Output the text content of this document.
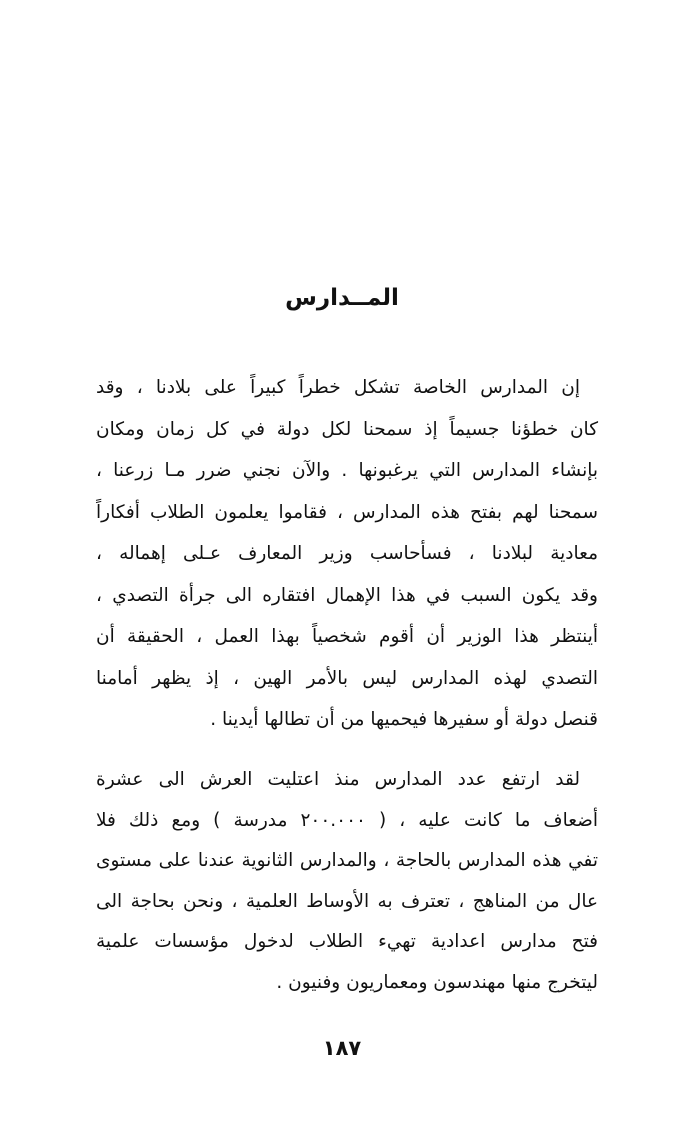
المــدارس
إن المدارس الخاصة تشكل خطراً كبيراً على بلادنا ، وقد
كان خطؤنا جسيماً إذ سمحنا لكل دولة في كل زمان ومكان
بإنشاء المدارس التي يرغبونها . والآن نجني ضرر مـا زرعنا ،
سمحنا لهم بفتح هذه المدارس ، فقاموا يعلمون الطلاب أفكاراً
معادية لبلادنا ، فسأحاسب وزير المعارف عـلى إهماله ،
وقد يكون السبب في هذا الإهمال افتقاره الى جرأة التصدي ،
أينتظر هذا الوزير أن أقوم شخصياً بهذا العمل ، الحقيقة أن
التصدي لهذه المدارس ليس بالأمر الهين ، إذ يظهر أمامنا
قنصل دولة أو سفيرها فيحميها من أن تطالها أيدينا .
لقد ارتفع عدد المدارس منذ اعتليت العرش الى عشرة
أضعاف ما كانت عليه ، ( ٢٠٠.٠٠٠ مدرسة ) ومع ذلك فلا
تفي هذه المدارس بالحاجة ، والمدارس الثانوية عندنا على مستوى
عال من المناهج ، تعترف به الأوساط العلمية ، ونحن بحاجة الى
فتح مدارس اعدادية تهيء الطلاب لدخول مؤسسات علمية
ليتخرج منها مهندسون ومعماريون وفنيون .
١٨٧
